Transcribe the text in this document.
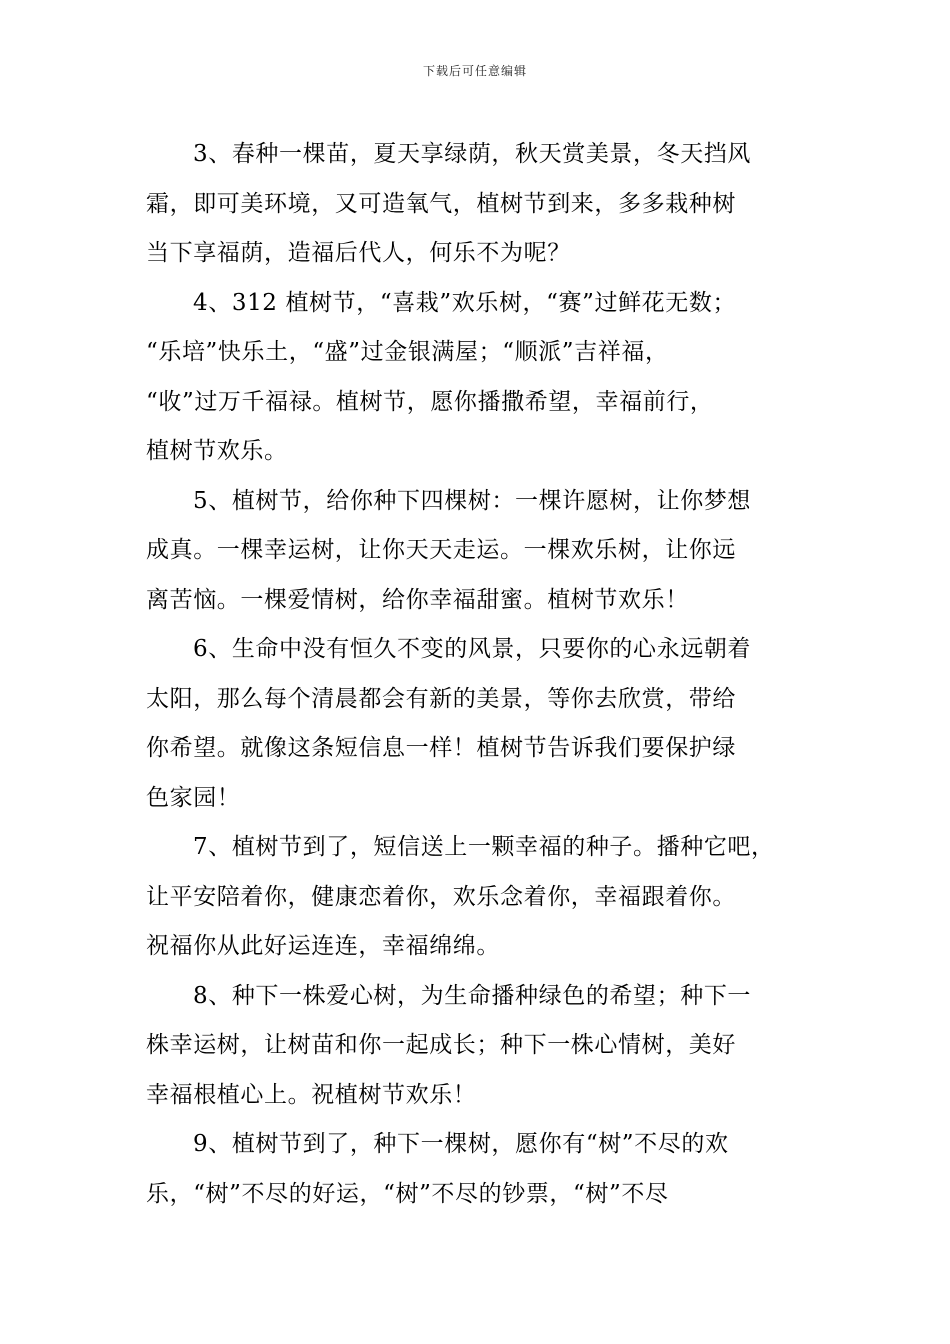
下载后可任意编辑
3、春种一棵苗，夏天享绿荫，秋天赏美景，冬天挡风
霜，即可美环境，又可造氧气，植树节到来，多多栽种树
当下享福荫，造福后代人，何乐不为呢？
4、312 植树节，“喜栽”欢乐树，“赛”过鲜花无数；
“乐培”快乐土，“盛”过金银满屋；“顺派”吉祥福，
“收”过万千福禄。植树节，愿你播撒希望，幸福前行，
植树节欢乐。
5、植树节，给你种下四棵树：一棵许愿树，让你梦想
成真。一棵幸运树，让你天天走运。一棵欢乐树，让你远
离苦恼。一棵爱情树，给你幸福甜蜜。植树节欢乐！
6、生命中没有恒久不变的风景，只要你的心永远朝着
太阳，那么每个清晨都会有新的美景，等你去欣赏，带给
你希望。就像这条短信息一样！植树节告诉我们要保护绿
色家园！
7、植树节到了，短信送上一颗幸福的种子。播种它吧，
让平安陪着你，健康恋着你，欢乐念着你，幸福跟着你。
祝福你从此好运连连，幸福绵绵。
8、种下一株爱心树，为生命播种绿色的希望；种下一
株幸运树，让树苗和你一起成长；种下一株心情树，美好
幸福根植心上。祝植树节欢乐！
9、植树节到了，种下一棵树，愿你有“树”不尽的欢
乐，“树”不尽的好运，“树”不尽的钞票，“树”不尽
